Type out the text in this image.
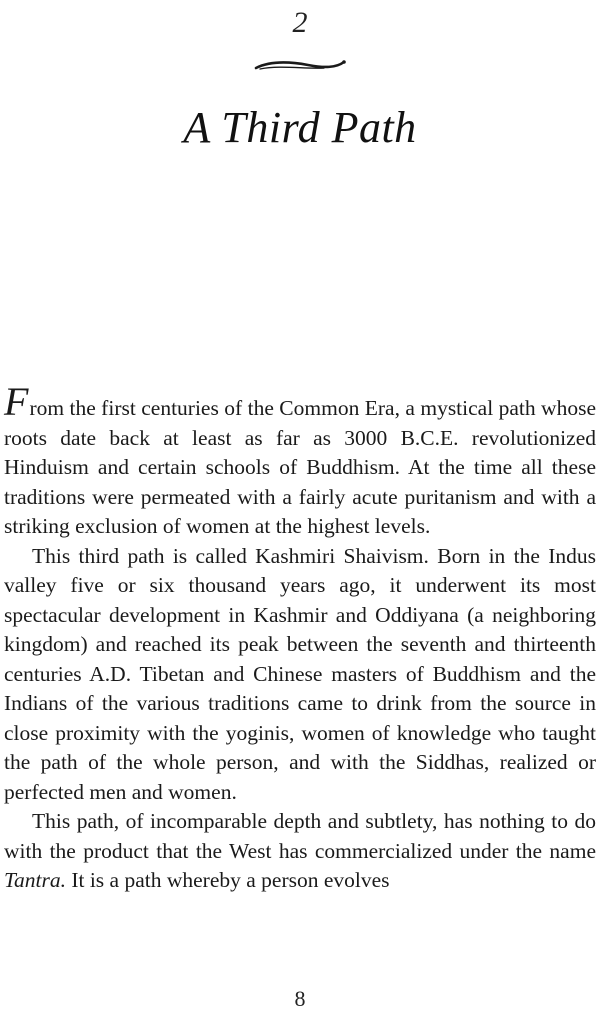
2
A Third Path

From the first centuries of the Common Era, a mystical path whose roots date back at least as far as 3000 B.C.E. revolutionized Hinduism and certain schools of Buddhism. At the time all these traditions were permeated with a fairly acute puritanism and with a striking exclusion of women at the highest levels.

This third path is called Kashmiri Shaivism. Born in the Indus valley five or six thousand years ago, it underwent its most spectacular development in Kashmir and Oddiyana (a neighboring kingdom) and reached its peak between the seventh and thirteenth centuries A.D. Tibetan and Chinese masters of Buddhism and the Indians of the various traditions came to drink from the source in close proximity with the yoginis, women of knowledge who taught the path of the whole person, and with the Siddhas, realized or perfected men and women.

This path, of incomparable depth and subtlety, has nothing to do with the product that the West has commercialized under the name Tantra. It is a path whereby a person evolves

8
